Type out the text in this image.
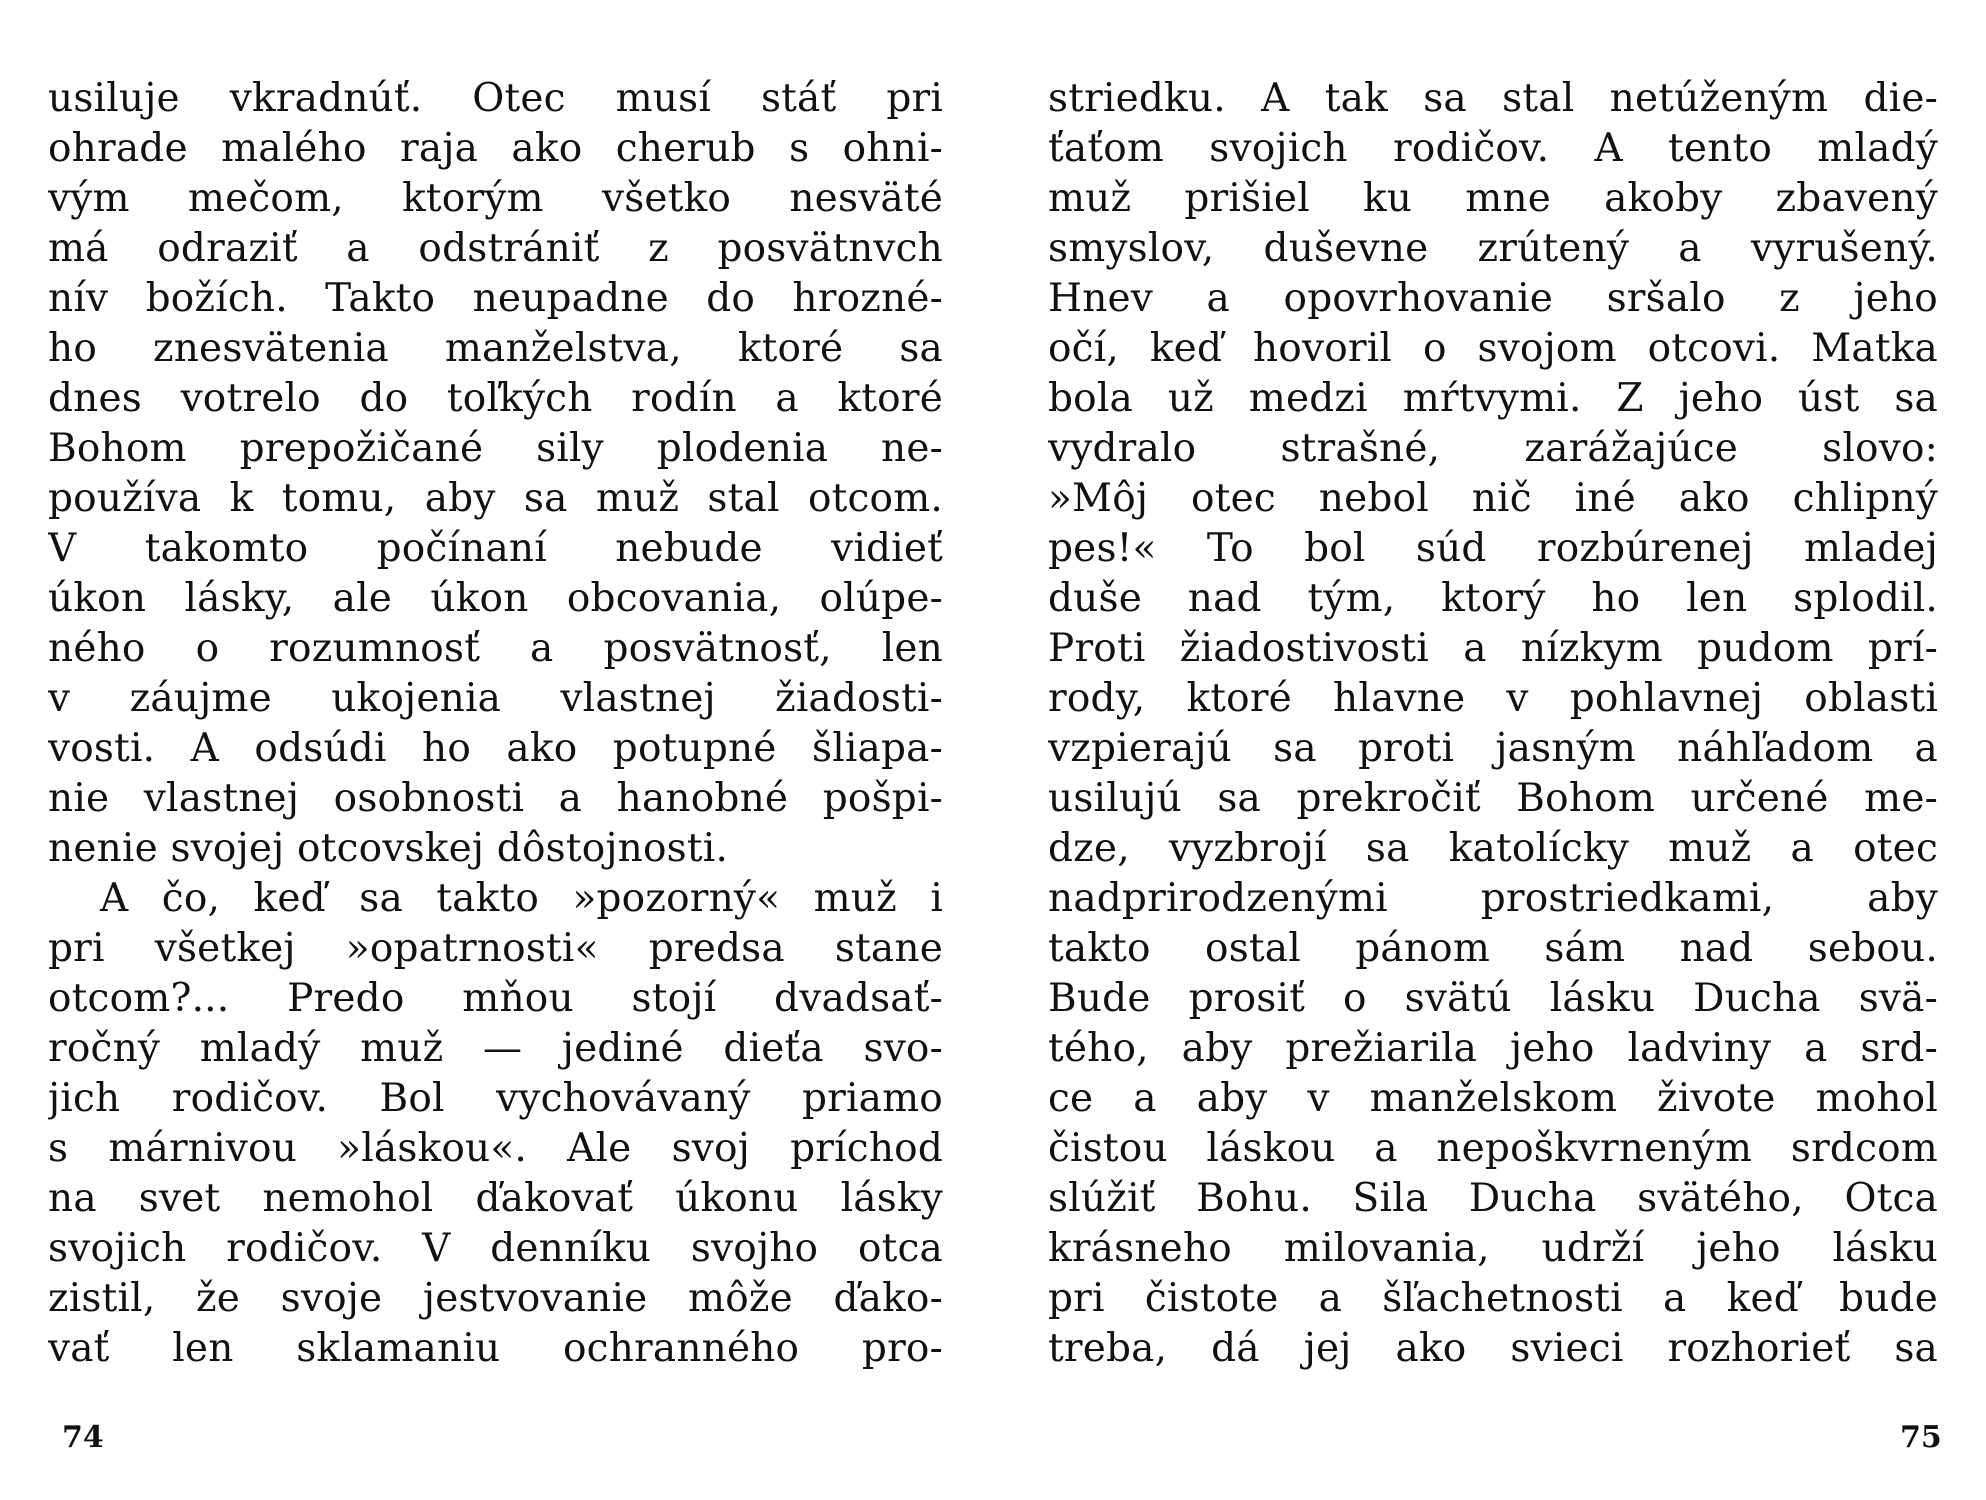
usiluje vkradnúť. Otec musí stáť pri
ohrade malého raja ako cherub s ohni-
vým mečom, ktorým všetko nesväté
má odraziť a odstrániť z posvätnvch
nív božích. Takto neupadne do hrozné-
ho znesvätenia manželstva, ktoré sa
dnes votrelo do toľkých rodín a ktoré
Bohom prepožičané sily plodenia ne-
používa k tomu, aby sa muž stal otcom.
V takomto počínaní nebude vidieť
úkon lásky, ale úkon obcovania, olúpe-
ného o rozumnosť a posvätnosť, len
v záujme ukojenia vlastnej žiadosti-
vosti. A odsúdi ho ako potupné šliapa-
nie vlastnej osobnosti a hanobné pošpi-
nenie svojej otcovskej dôstojnosti.
A čo, keď sa takto »pozorný« muž i
pri všetkej »opatrnosti« predsa stane
otcom?... Predo mňou stojí dvadsať-
ročný mladý muž — jediné dieťa svo-
jich rodičov. Bol vychovávaný priamo
s márnivou »láskou«. Ale svoj príchod
na svet nemohol ďakovať úkonu lásky
svojich rodičov. V denníku svojho otca
zistil, že svoje jestvovanie môže ďako-
vať len sklamaniu ochranného pro-
74
striedku. A tak sa stal netúženým die-
ťaťom svojich rodičov. A tento mladý
muž prišiel ku mne akoby zbavený
smyslov, duševne zrútený a vyrušený.
Hnev a opovrhovanie sršalo z jeho
očí, keď hovoril o svojom otcovi. Matka
bola už medzi mŕtvymi. Z jeho úst sa
vydralo strašné, zarážajúce slovo:
»Môj otec nebol nič iné ako chlipný
pes!« To bol súd rozbúrenej mladej
duše nad tým, ktorý ho len splodil.
Proti žiadostivosti a nízkym pudom prí-
rody, ktoré hlavne v pohlavnej oblasti
vzpierajú sa proti jasným náhľadom a
usilujú sa prekročiť Bohom určené me-
dze, vyzbrojí sa katolícky muž a otec
nadprirodzenými prostriedkami, aby
takto ostal pánom sám nad sebou.
Bude prosiť o svätú lásku Ducha svä-
tého, aby prežiarila jeho ladviny a srd-
ce a aby v manželskom živote mohol
čistou láskou a nepoškvrneným srdcom
slúžiť Bohu. Sila Ducha svätého, Otca
krásneho milovania, udrží jeho lásku
pri čistote a šľachetnosti a keď bude
treba, dá jej ako svieci rozhorieť sa
75
